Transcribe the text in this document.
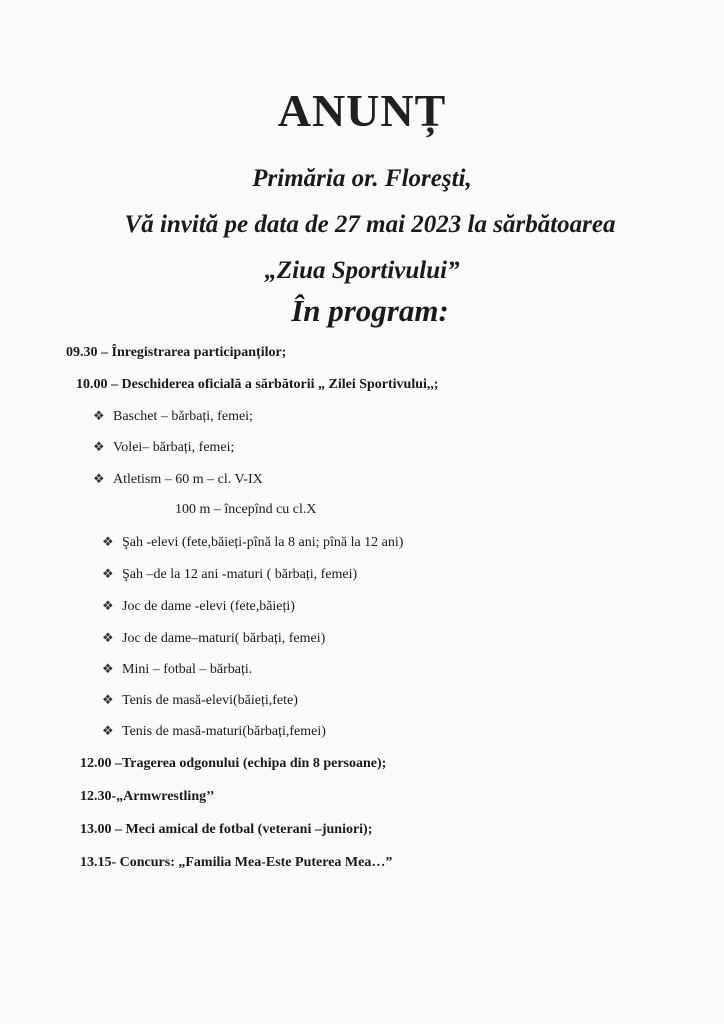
ANUNȚ
Primăria or. Floreşti,
Vă invită pe data de 27 mai 2023 la sărbătoarea
„Ziua Sportivului”
În program:
09.30 – Înregistrarea participanților;
10.00 – Deschiderea oficială a sărbătorii „ Zilei Sportivului,,;
❖ Baschet – bărbați, femei;
❖ Volei– bărbați, femei;
❖ Atletism – 60 m – cl. V-IX
100 m – începînd cu cl.X
❖ Şah -elevi (fete,băieți-pînă la 8 ani; pînă la 12 ani)
❖ Şah –de la 12 ani -maturi ( bărbați, femei)
❖ Joc de dame -elevi (fete,băieți)
❖ Joc de dame–maturi( bărbați, femei)
❖ Mini – fotbal – bărbați.
❖ Tenis de masă-elevi(băieți,fete)
❖ Tenis de masă-maturi(bărbați,femei)
12.00 –Tragerea odgonului (echipa din 8 persoane);
12.30-„Armwrestling’’
13.00 – Meci amical de fotbal (veterani –juniori);
13.15- Concurs: „Familia Mea-Este Puterea Mea…”
